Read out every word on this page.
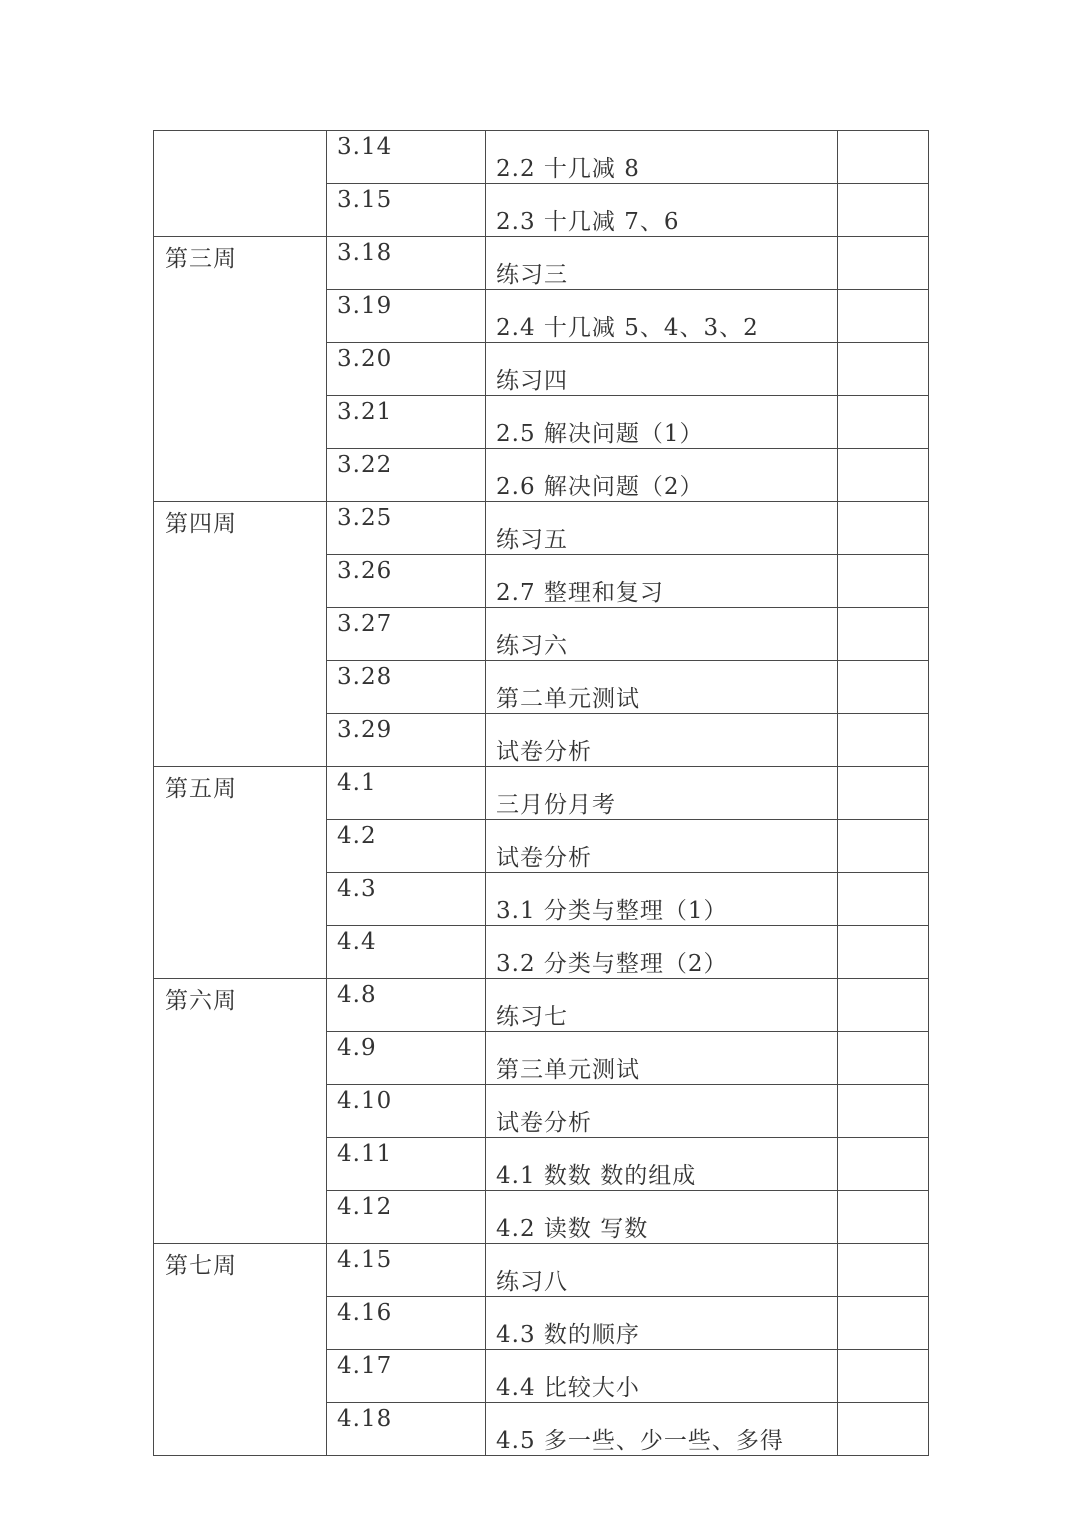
	3.14	2.2 十几减 8	

	3.15	2.3 十几减 7、6	

第三周	3.18	练习三	

	3.19	2.4 十几减 5、4、3、2	

	3.20	练习四	

	3.21	2.5 解决问题（1）	

	3.22	2.6 解决问题（2）	

第四周	3.25	练习五	

	3.26	2.7 整理和复习	

	3.27	练习六	

	3.28	第二单元测试	

	3.29	试卷分析	

第五周	4.1	三月份月考	

	4.2	试卷分析	

	4.3	3.1 分类与整理（1）	

	4.4	3.2 分类与整理（2）	

第六周	4.8	练习七	

	4.9	第三单元测试	

	4.10	试卷分析	

	4.11	4.1 数数 数的组成	

	4.12	4.2 读数 写数	

第七周	4.15	练习八	

	4.16	4.3 数的顺序	

	4.17	4.4 比较大小	

	4.18	4.5 多一些、少一些、多得	
